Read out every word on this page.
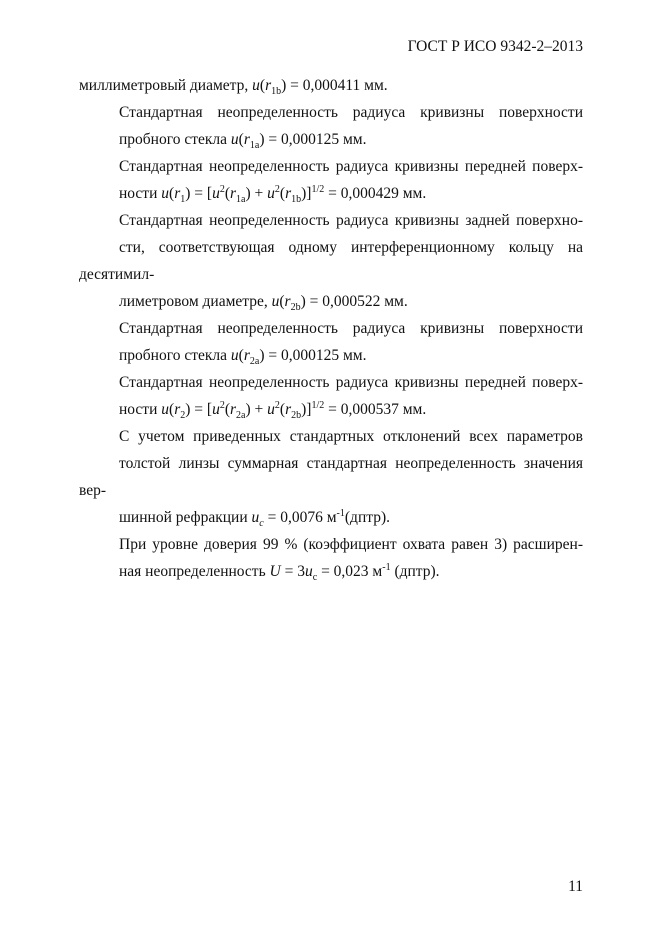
ГОСТ Р ИСО 9342-2–2013
миллиметровый диаметр, $u(r_{1b}) = 0,000411$ мм.
Стандартная неопределенность радиуса кривизны поверхности
пробного стекла $u(r_{1a}) = 0,000125$ мм.
Стандартная неопределенность радиуса кривизны передней поверх-
ности $u(r_1) = [u^2(r_{1a}) + u^2(r_{1b})]^{1/2} = 0,000429$ мм.
Стандартная неопределенность радиуса кривизны задней поверхно-
сти, соответствующая одному интерференционному кольцу на десятимил-
лиметровом диаметре, $u(r_{2b}) = 0,000522$ мм.
Стандартная неопределенность радиуса кривизны поверхности
пробного стекла $u(r_{2a}) = 0,000125$ мм.
Стандартная неопределенность радиуса кривизны передней поверх-
ности $u(r_2) = [u^2(r_{2a}) + u^2(r_{2b})]^{1/2} = 0,000537$ мм.
С учетом приведенных стандартных отклонений всех параметров
толстой линзы суммарная стандартная неопределенность значения вер-
шинной рефракции $u_c = 0,0076$ $м^{-1}(дптр)$.
При уровне доверия 99 % (коэффициент охвата равен 3) расширен-
ная неопределенность $U = 3u_c = 0,023$ $м^{-1}$ (дптр).
11
